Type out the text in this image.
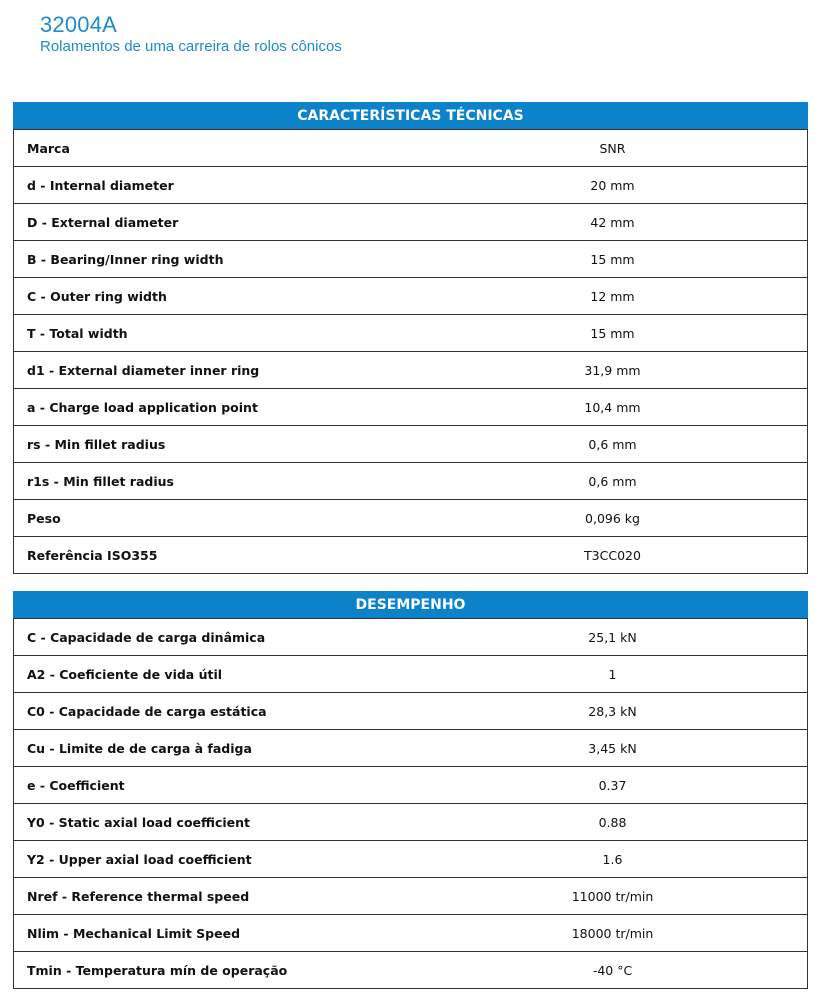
32004A
Rolamentos de uma carreira de rolos cônicos
CARACTERÍSTICAS TÉCNICAS
Marca	SNR
d - Internal diameter	20 mm
D - External diameter	42 mm
B - Bearing/Inner ring width	15 mm
C - Outer ring width	12 mm
T - Total width	15 mm
d1 - External diameter inner ring	31,9 mm
a - Charge load application point	10,4 mm
rs - Min fillet radius	0,6 mm
r1s - Min fillet radius	0,6 mm
Peso	0,096 kg
Referência ISO355	T3CC020
DESEMPENHO
C - Capacidade de carga dinâmica	25,1 kN
A2 - Coeficiente de vida útil	1
C0 - Capacidade de carga estática	28,3 kN
Cu - Limite de de carga à fadiga	3,45 kN
e - Coefficient	0.37
Y0 - Static axial load coefficient	0.88
Y2 - Upper axial load coefficient	1.6
Nref - Reference thermal speed	11000 tr/min
Nlim - Mechanical Limit Speed	18000 tr/min
Tmin - Temperatura mín de operação	-40 °C
